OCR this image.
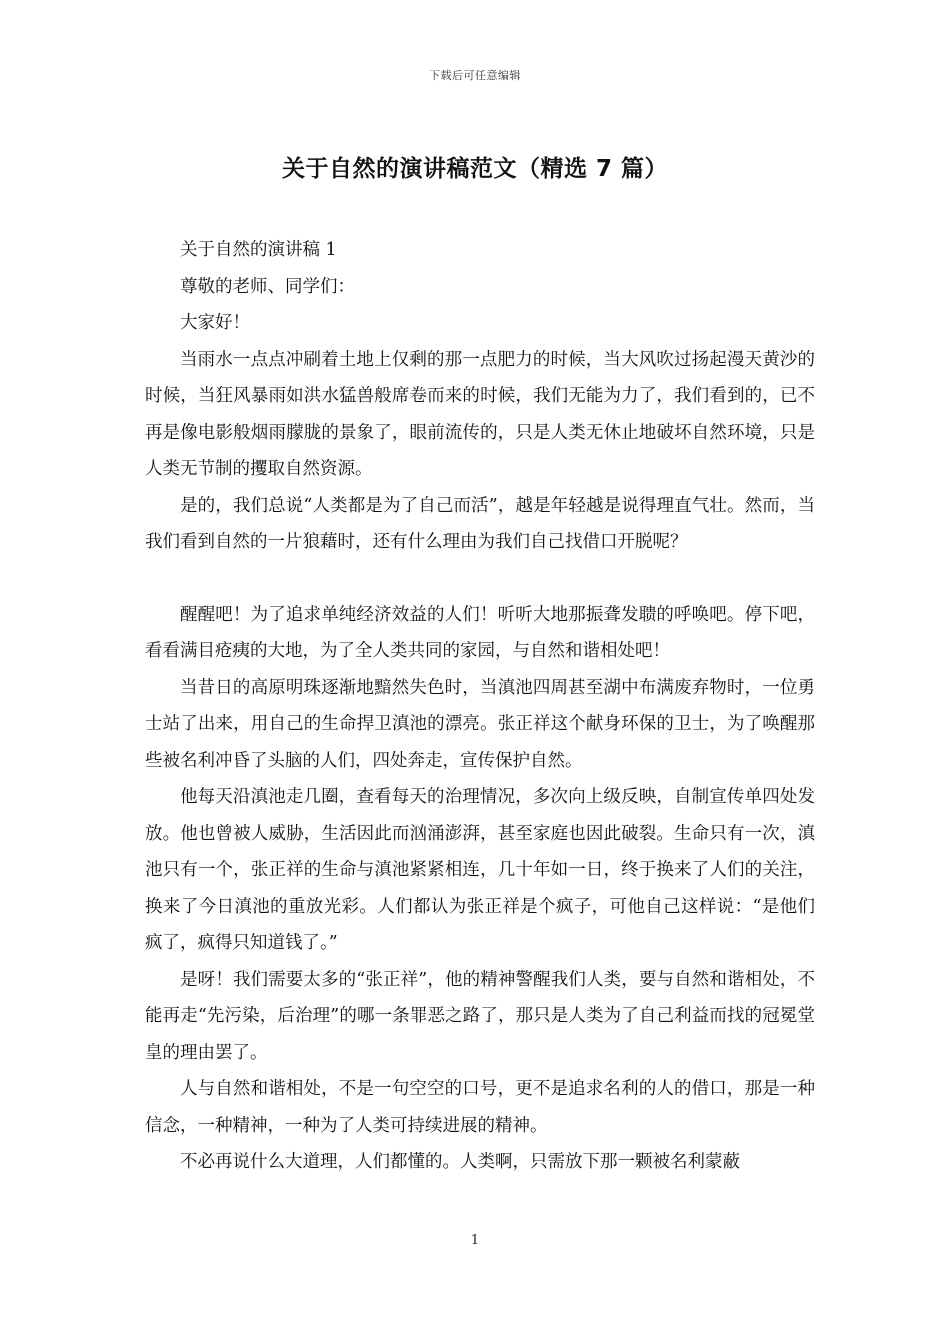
下载后可任意编辑
关于自然的演讲稿范文（精选 7 篇）

关于自然的演讲稿 1

尊敬的老师、同学们：

大家好！

当雨水一点点冲刷着土地上仅剩的那一点肥力的时候，当大风吹过扬起漫天黄沙的时候，当狂风暴雨如洪水猛兽般席卷而来的时候，我们无能为力了，我们看到的，已不再是像电影般烟雨朦胧的景象了，眼前流传的，只是人类无休止地破坏自然环境，只是人类无节制的攫取自然资源。

是的，我们总说“人类都是为了自己而活”，越是年轻越是说得理直气壮。然而，当我们看到自然的一片狼藉时，还有什么理由为我们自己找借口开脱呢？

醒醒吧！为了追求单纯经济效益的人们！听听大地那振聋发聩的呼唤吧。停下吧，看看满目疮痍的大地，为了全人类共同的家园，与自然和谐相处吧！

当昔日的高原明珠逐渐地黯然失色时，当滇池四周甚至湖中布满废弃物时，一位勇士站了出来，用自己的生命捍卫滇池的漂亮。张正祥这个献身环保的卫士，为了唤醒那些被名利冲昏了头脑的人们，四处奔走，宣传保护自然。

他每天沿滇池走几圈，查看每天的治理情况，多次向上级反映，自制宣传单四处发放。他也曾被人威胁，生活因此而汹涌澎湃，甚至家庭也因此破裂。生命只有一次，滇池只有一个，张正祥的生命与滇池紧紧相连，几十年如一日，终于换来了人们的关注，换来了今日滇池的重放光彩。人们都认为张正祥是个疯子，可他自己这样说：“是他们疯了，疯得只知道钱了。”

是呀！我们需要太多的“张正祥”，他的精神警醒我们人类，要与自然和谐相处，不能再走“先污染，后治理”的哪一条罪恶之路了，那只是人类为了自己利益而找的冠冕堂皇的理由罢了。

人与自然和谐相处，不是一句空空的口号，更不是追求名利的人的借口，那是一种信念，一种精神，一种为了人类可持续进展的精神。

不必再说什么大道理，人们都懂的。人类啊，只需放下那一颗被名利蒙蔽

1
